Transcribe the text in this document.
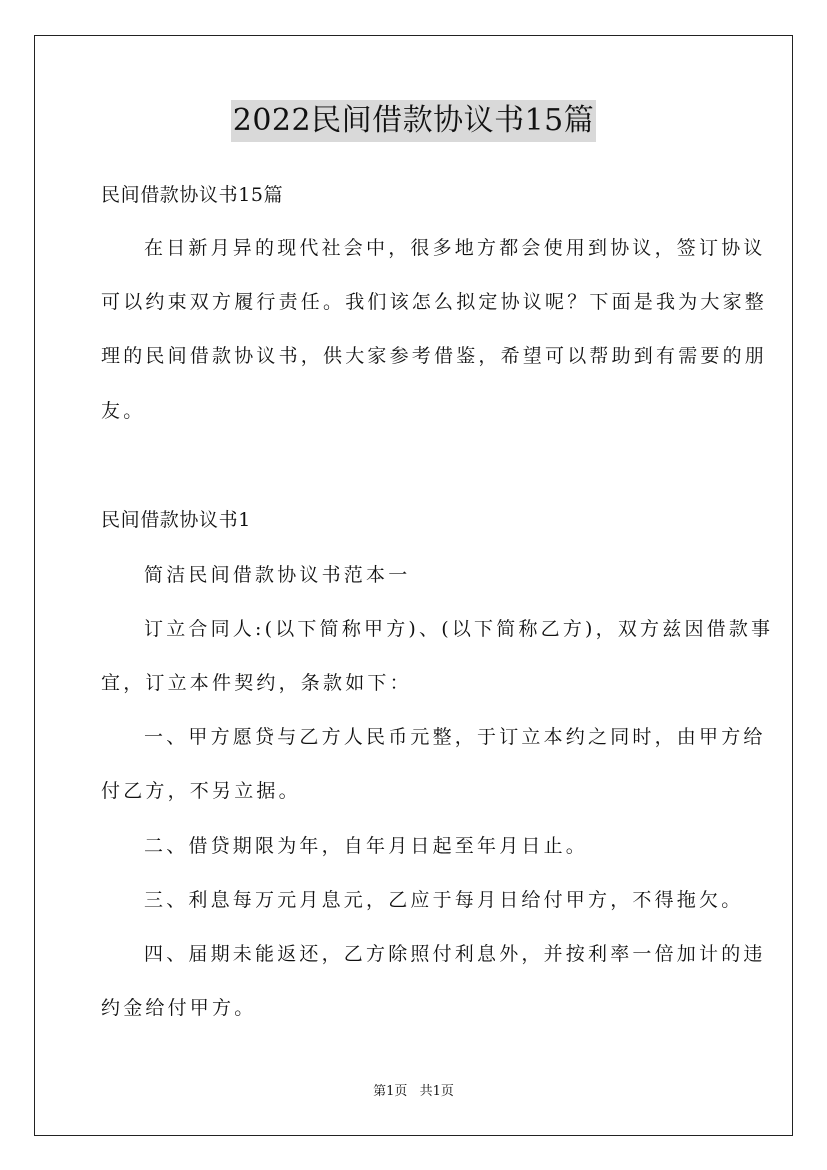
2022民间借款协议书15篇
民间借款协议书15篇
在日新月异的现代社会中，很多地方都会使用到协议，签订协议
可以约束双方履行责任。我们该怎么拟定协议呢？下面是我为大家整
理的民间借款协议书，供大家参考借鉴，希望可以帮助到有需要的朋
友。
民间借款协议书1
简洁民间借款协议书范本一
订立合同人:(以下简称甲方)、(以下简称乙方)，双方兹因借款事
宜，订立本件契约，条款如下：
一、甲方愿贷与乙方人民币元整，于订立本约之同时，由甲方给
付乙方，不另立据。
二、借贷期限为年，自年月日起至年月日止。
三、利息每万元月息元，乙应于每月日给付甲方，不得拖欠。
四、届期未能返还，乙方除照付利息外，并按利率一倍加计的违
约金给付甲方。
第1页 共1页
